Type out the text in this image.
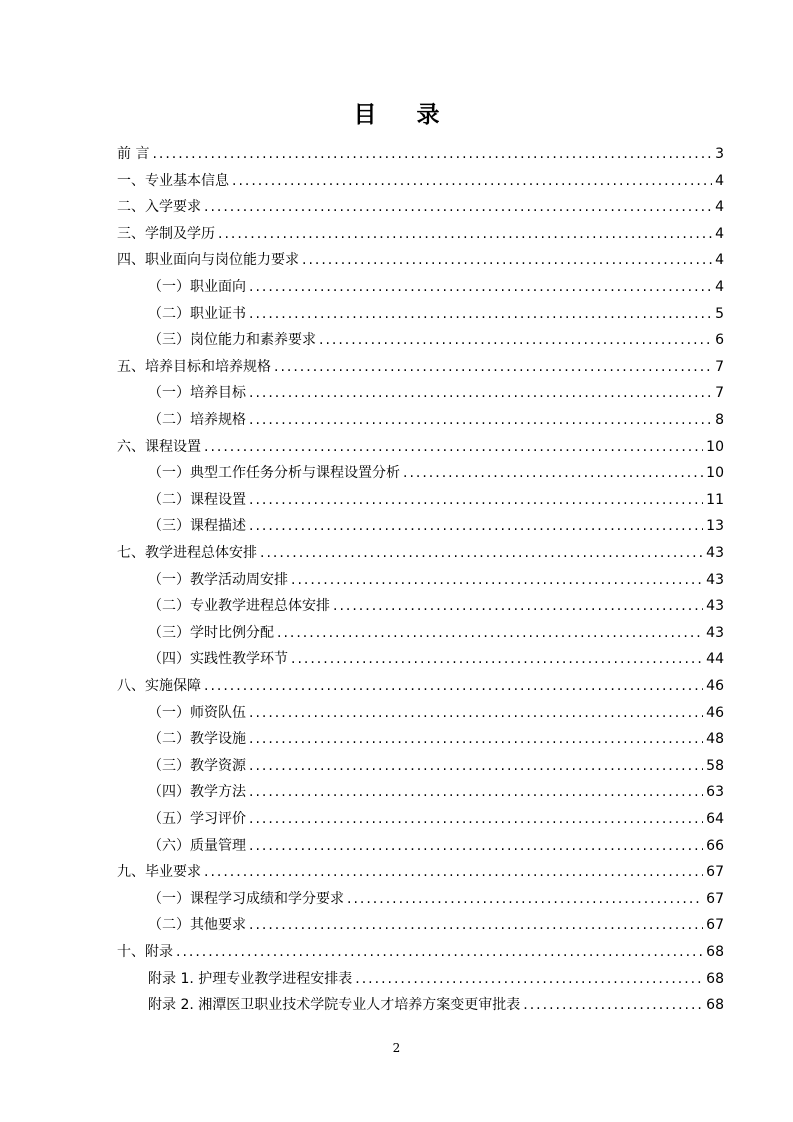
目 录
前 言 .....	3
一、专业基本信息 .....	4
二、入学要求 .....	4
三、学制及学历 .....	4
四、职业面向与岗位能力要求 .....	4
（一）职业面向 .....	4
（二）职业证书 .....	5
（三）岗位能力和素养要求 .....	6
五、培养目标和培养规格 .....	7
（一）培养目标 .....	7
（二）培养规格 .....	8
六、课程设置 .....	10
（一）典型工作任务分析与课程设置分析 .....	10
（二）课程设置 .....	11
（三）课程描述 .....	13
七、教学进程总体安排 .....	43
（一）教学活动周安排 .....	43
（二）专业教学进程总体安排 .....	43
（三）学时比例分配 .....	43
（四）实践性教学环节 .....	44
八、实施保障 .....	46
（一）师资队伍 .....	46
（二）教学设施 .....	48
（三）教学资源 .....	58
（四）教学方法 .....	63
（五）学习评价 .....	64
（六）质量管理 .....	66
九、毕业要求 .....	67
（一）课程学习成绩和学分要求 .....	67
（二）其他要求 .....	67
十、附录 .....	68
附录 1. 护理专业教学进程安排表 .....	68
附录 2. 湘潭医卫职业技术学院专业人才培养方案变更审批表 .....	68
2
